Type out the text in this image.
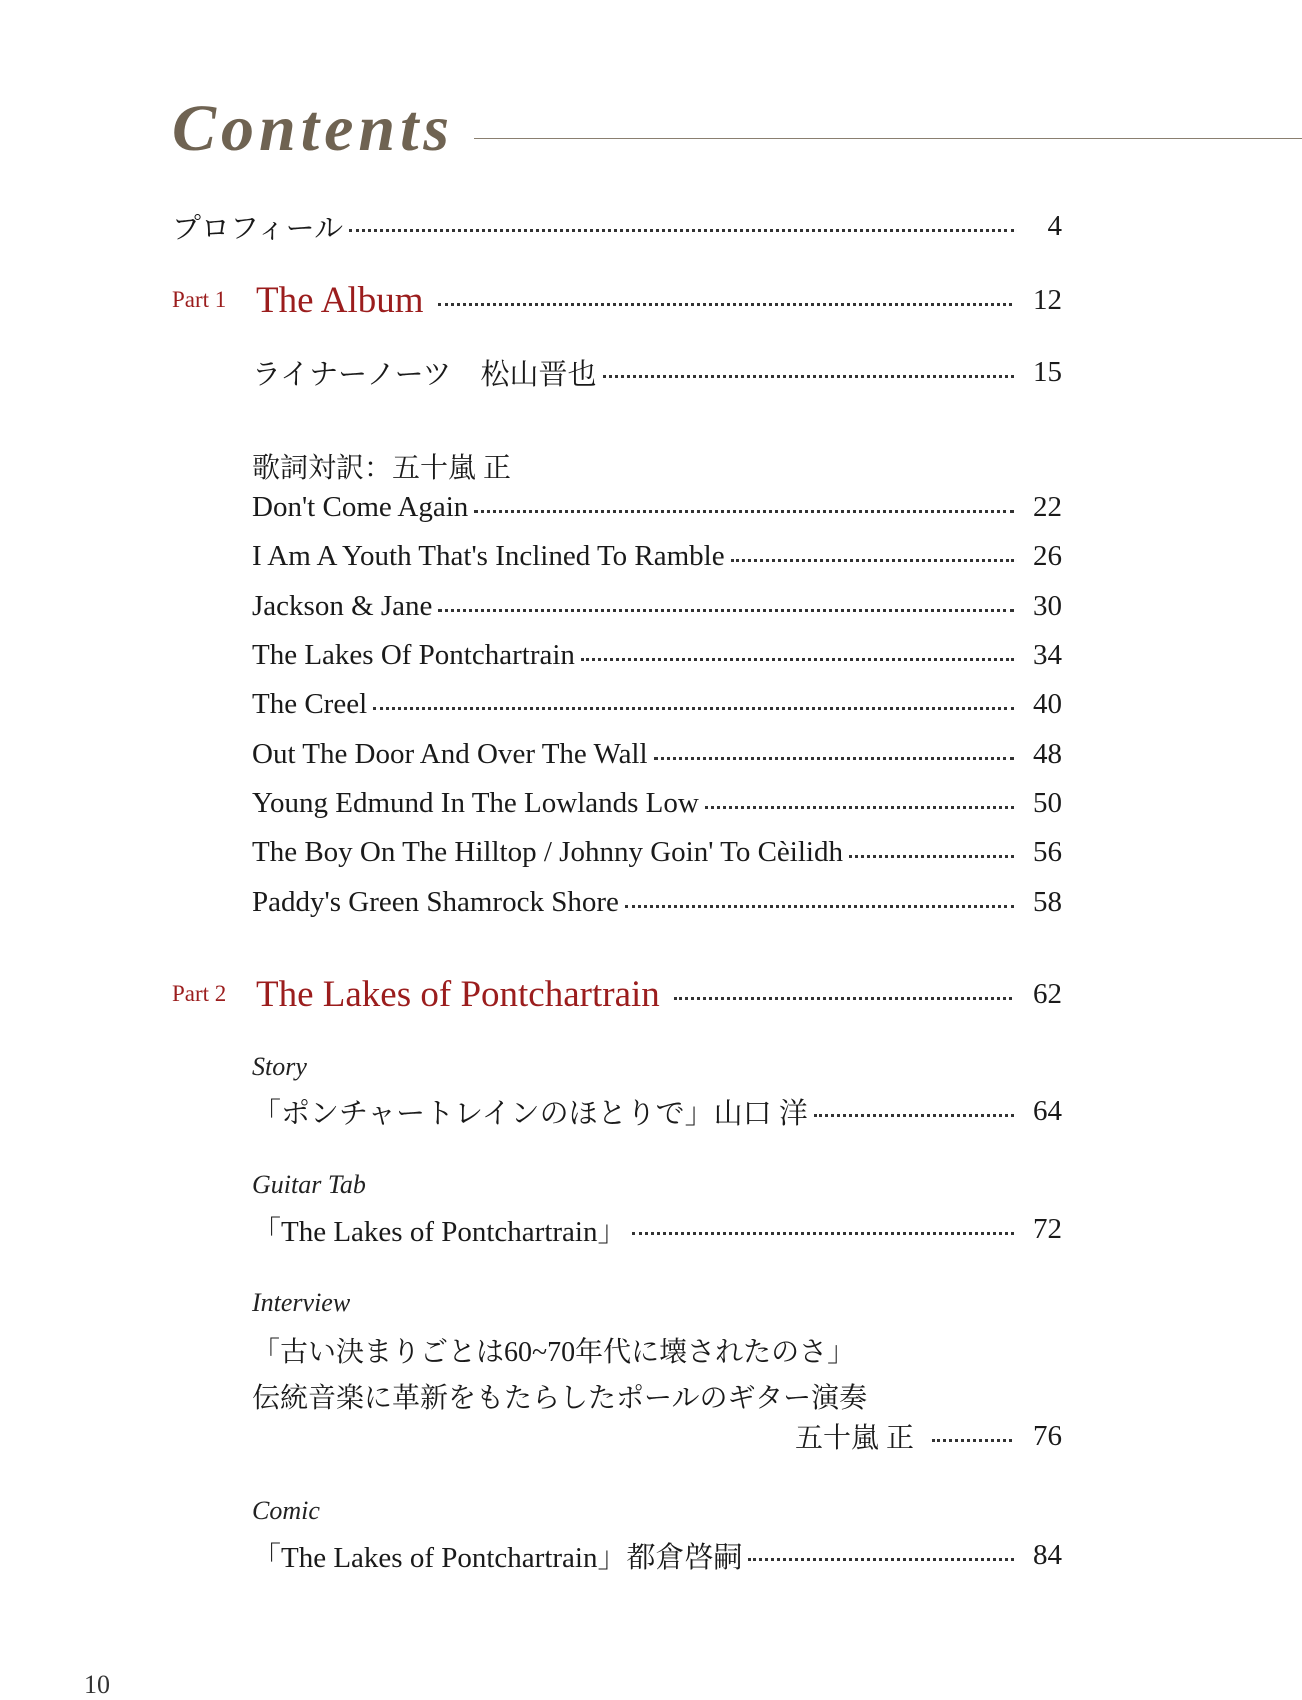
Contents
プロフィール	4
Part 1 The Album	12
ライナーノーツ　松山晋也	15
歌詞対訳：五十嵐 正
Don't Come Again	22
I Am A Youth That's Inclined To Ramble	26
Jackson & Jane	30
The Lakes Of Pontchartrain	34
The Creel	40
Out The Door And Over The Wall	48
Young Edmund In The Lowlands Low	50
The Boy On The Hilltop / Johnny Goin' To Cèilidh	56
Paddy's Green Shamrock Shore	58
Part 2 The Lakes of Pontchartrain	62
Story
「ポンチャートレインのほとりで」山口 洋	64
Guitar Tab
「The Lakes of Pontchartrain」	72
Interview
「古い決まりごとは60~70年代に壊されたのさ」
伝統音楽に革新をもたらしたポールのギター演奏
五十嵐 正	76
Comic
「The Lakes of Pontchartrain」都倉啓嗣	84
10
